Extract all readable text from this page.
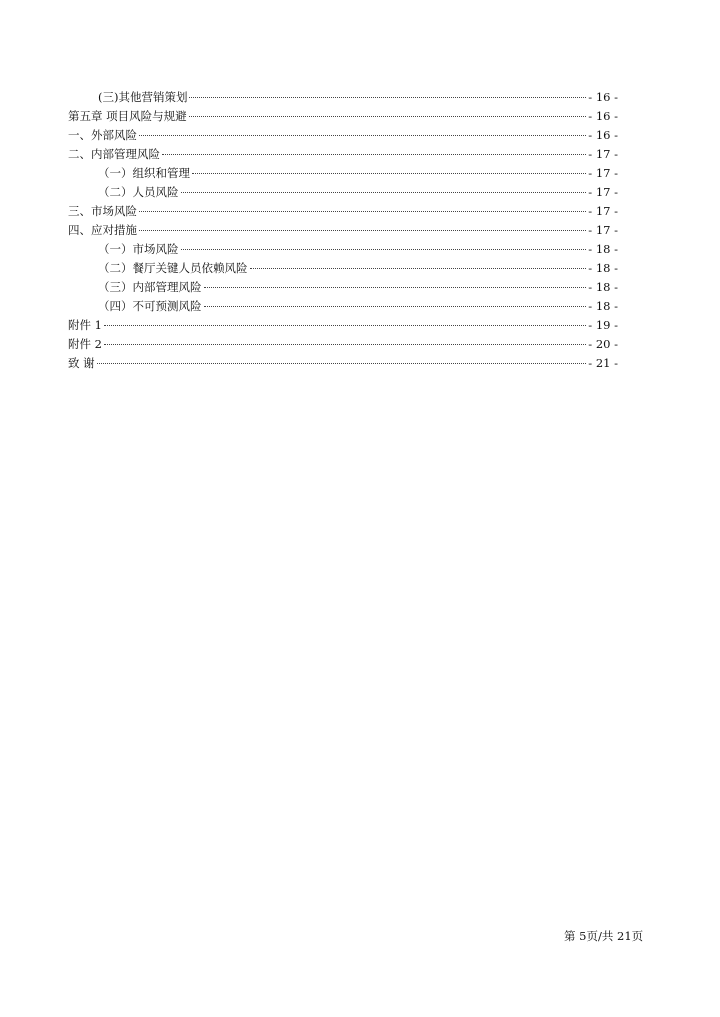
(三)其他营销策划	- 16 -
第五章 项目风险与规避	- 16 -
一、外部风险	- 16 -
二、内部管理风险	- 17 -
（一）组织和管理	- 17 -
（二）人员风险	- 17 -
三、市场风险	- 17 -
四、应对措施	- 17 -
（一）市场风险	- 18 -
（二）餐厅关键人员依赖风险	- 18 -
（三）内部管理风险	- 18 -
（四）不可预测风险	- 18 -
附件 1	- 19 -
附件 2	- 20 -
致 谢	- 21 -
第 5页/共 21页
